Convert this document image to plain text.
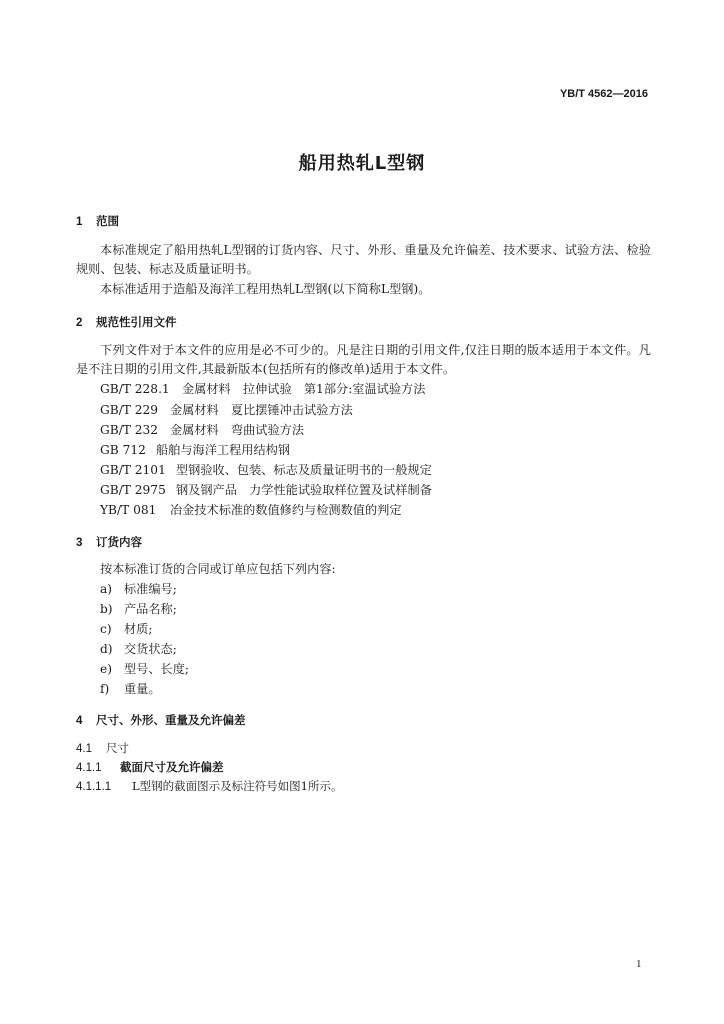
YB/T 4562—2016
船用热轧L型钢
1 范围
本标准规定了船用热轧L型钢的订货内容、尺寸、外形、重量及允许偏差、技术要求、试验方法、检验规则、包装、标志及质量证明书。
本标准适用于造船及海洋工程用热轧L型钢(以下简称L型钢)。
2 规范性引用文件
下列文件对于本文件的应用是必不可少的。凡是注日期的引用文件,仅注日期的版本适用于本文件。凡是不注日期的引用文件,其最新版本(包括所有的修改单)适用于本文件。
GB/T 228.1 金属材料　拉伸试验　第1部分:室温试验方法
GB/T 229 金属材料　夏比摆锤冲击试验方法
GB/T 232 金属材料　弯曲试验方法
GB 712 船舶与海洋工程用结构钢
GB/T 2101 型钢验收、包装、标志及质量证明书的一般规定
GB/T 2975 钢及钢产品　力学性能试验取样位置及试样制备
YB/T 081 冶金技术标准的数值修约与检测数值的判定
3 订货内容
按本标准订货的合同或订单应包括下列内容:
a) 标准编号;
b) 产品名称;
c) 材质;
d) 交货状态;
e) 型号、长度;
f) 重量。
4 尺寸、外形、重量及允许偏差
4.1 尺寸
4.1.1 截面尺寸及允许偏差
4.1.1.1 L型钢的截面图示及标注符号如图1所示。
1
